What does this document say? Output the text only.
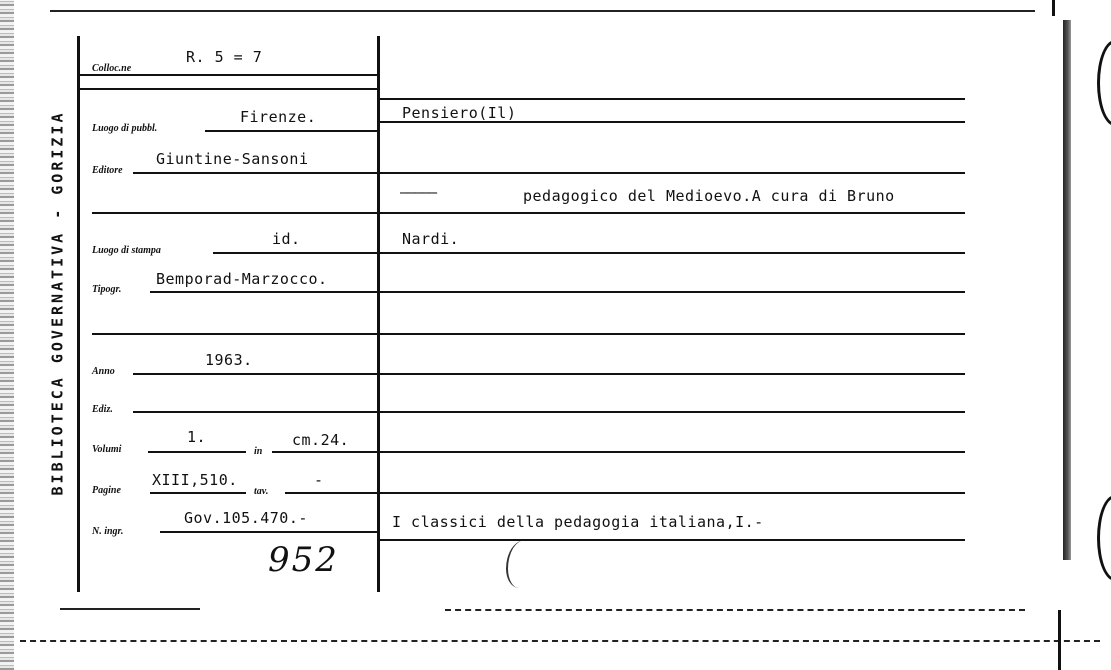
BIBLIOTECA GOVERNATIVA - GORIZIA
Colloc.ne
R. 5 = 7
Luogo di pubbl.
Firenze.
Editore
Giuntine-Sansoni
Luogo di stampa
id.
Tipogr.
Bemporad-Marzocco.
Anno
1963.
Ediz.
Volumi
1.
in
cm.24.
Pagine
XIII,510.
tav.
-
N. ingr.
Gov.105.470.-
952
Pensiero(Il)
—————	pedagogico del Medioevo.A cura di Bruno
Nardi.
I classici della pedagogia italiana,I.-
